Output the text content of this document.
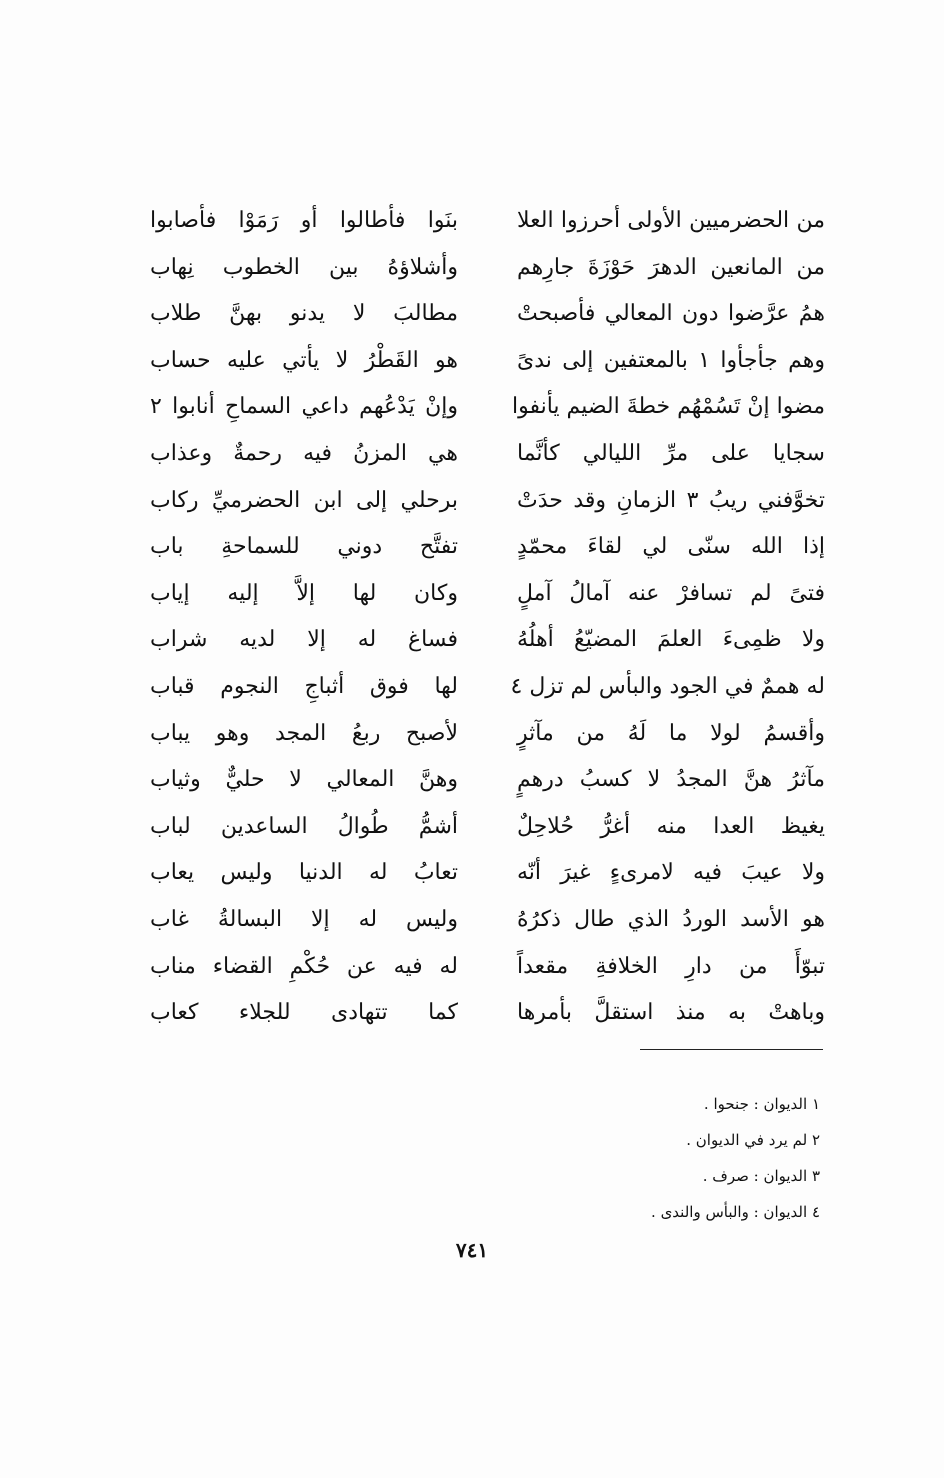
من الحضرميين الأولى أحرزوا العلا
بنَوا فأطالوا أو رَمَوْا فأصابوا
من المانعين الدهرَ حَوْزَةَ جارِهم
وأشلاؤهُ بين الخطوب نِهاب
همُ عرَّضوا دون المعالي فأصبحتْ
مطالبَ لا يدنو بهنَّ طلاب
وهم جأجأوا ١ بالمعتفين إلى ندىً
هو القَطْرُ لا يأتي عليه حساب
مضوا إنْ تَسُمْهُم خطةَ الضيم يأنفوا
وإنْ يَدْعُهم داعي السماحِ أنابوا ٢
سجايا على مرِّ الليالي كأنَّما
هي المزنُ فيه رحمةٌ وعذاب
تخوَّفني ريبُ ٣ الزمانِ وقد حدَتْ
برحلي إلى ابن الحضرميِّ ركاب
إذا الله سنّى لي لقاءَ محمّدٍ
تفتَّح دوني للسماحةِ باب
فتىً لم تسافرْ عنه آمالُ آملٍ
وكان لها إلاَّ إليه إياب
ولا ظمِىءَ العلمَ المضيّعُ أهلُهُ
فساغ له إلا لديه شراب
له هممٌ في الجود والبأس لم تزل ٤
لها فوق أثباجِ النجوم قباب
وأقسمُ لولا ما لَهُ من مآثرٍ
لأصبح ربعُ المجد وهو يباب
مآثرُ هنَّ المجدُ لا كسبُ درهمٍ
وهنَّ المعالي لا حليٌّ وثياب
يغيظ العدا منه أغرُّ حُلاحِلٌ
أشمُّ طُوالُ الساعدين لباب
ولا عيبَ فيه لامرىءٍ غيرَ أنّه
تعابُ له الدنيا وليس يعاب
هو الأسد الوردُ الذي طال ذكرُهُ
وليس له إلا البسالةُ غاب
تبوّأَ من دارِ الخلافةِ مقعداً
له فيه عن حُكْمِ القضاء مناب
وباهتْ به منذ استقلَّ بأمرها
كما تتهادى للجلاء كعاب
١ الديوان : جنحوا .
٢ لم يرد في الديوان .
٣ الديوان : صرف .
٤ الديوان : والبأس والندى .
٧٤١
